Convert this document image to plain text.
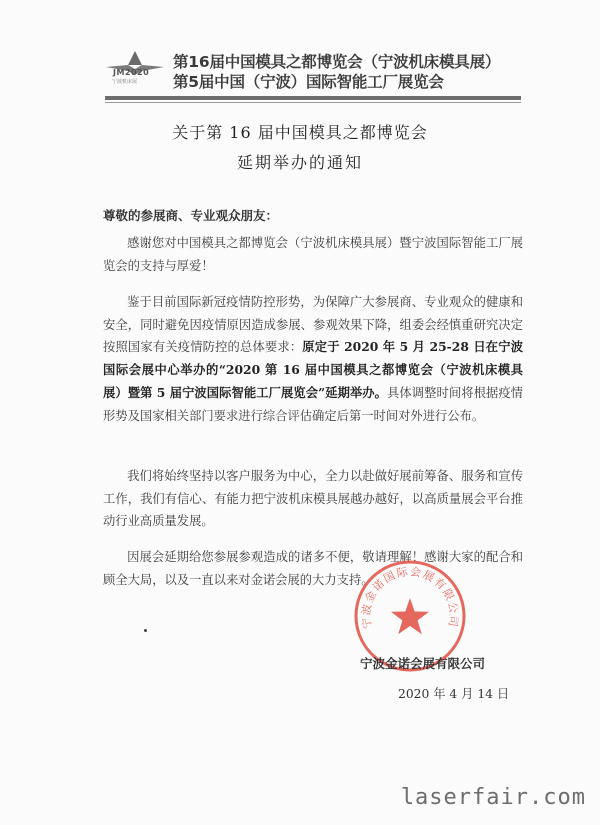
JM2020
宁波机床展
第16届中国模具之都博览会（宁波机床模具展）
第5届中国（宁波）国际智能工厂展览会
关于第 16 届中国模具之都博览会
延期举办的通知
尊敬的参展商、专业观众朋友：

感谢您对中国模具之都博览会（宁波机床模具展）暨宁波国际智能工厂展览会的支持与厚爱！

鉴于目前国际新冠疫情防控形势，为保障广大参展商、专业观众的健康和安全，同时避免因疫情原因造成参展、参观效果下降，组委会经慎重研究决定按照国家有关疫情防控的总体要求：原定于 2020 年 5 月 25-28 日在宁波国际会展中心举办的“2020 第 16 届中国模具之都博览会（宁波机床模具展）暨第 5 届宁波国际智能工厂展览会”延期举办。具体调整时间将根据疫情形势及国家相关部门要求进行综合评估确定后第一时间对外进行公布。

我们将始终坚持以客户服务为中心，全力以赴做好展前筹备、服务和宣传工作，我们有信心、有能力把宁波机床模具展越办越好，以高质量展会平台推动行业高质量发展。

因展会延期给您参展参观造成的诸多不便，敬请理解！感谢大家的配合和顾全大局，以及一直以来对金诺会展的大力支持。

宁波金诺国际会展有限公司
宁波金诺会展有限公司
2020 年 4 月 14 日
laserfair.com
